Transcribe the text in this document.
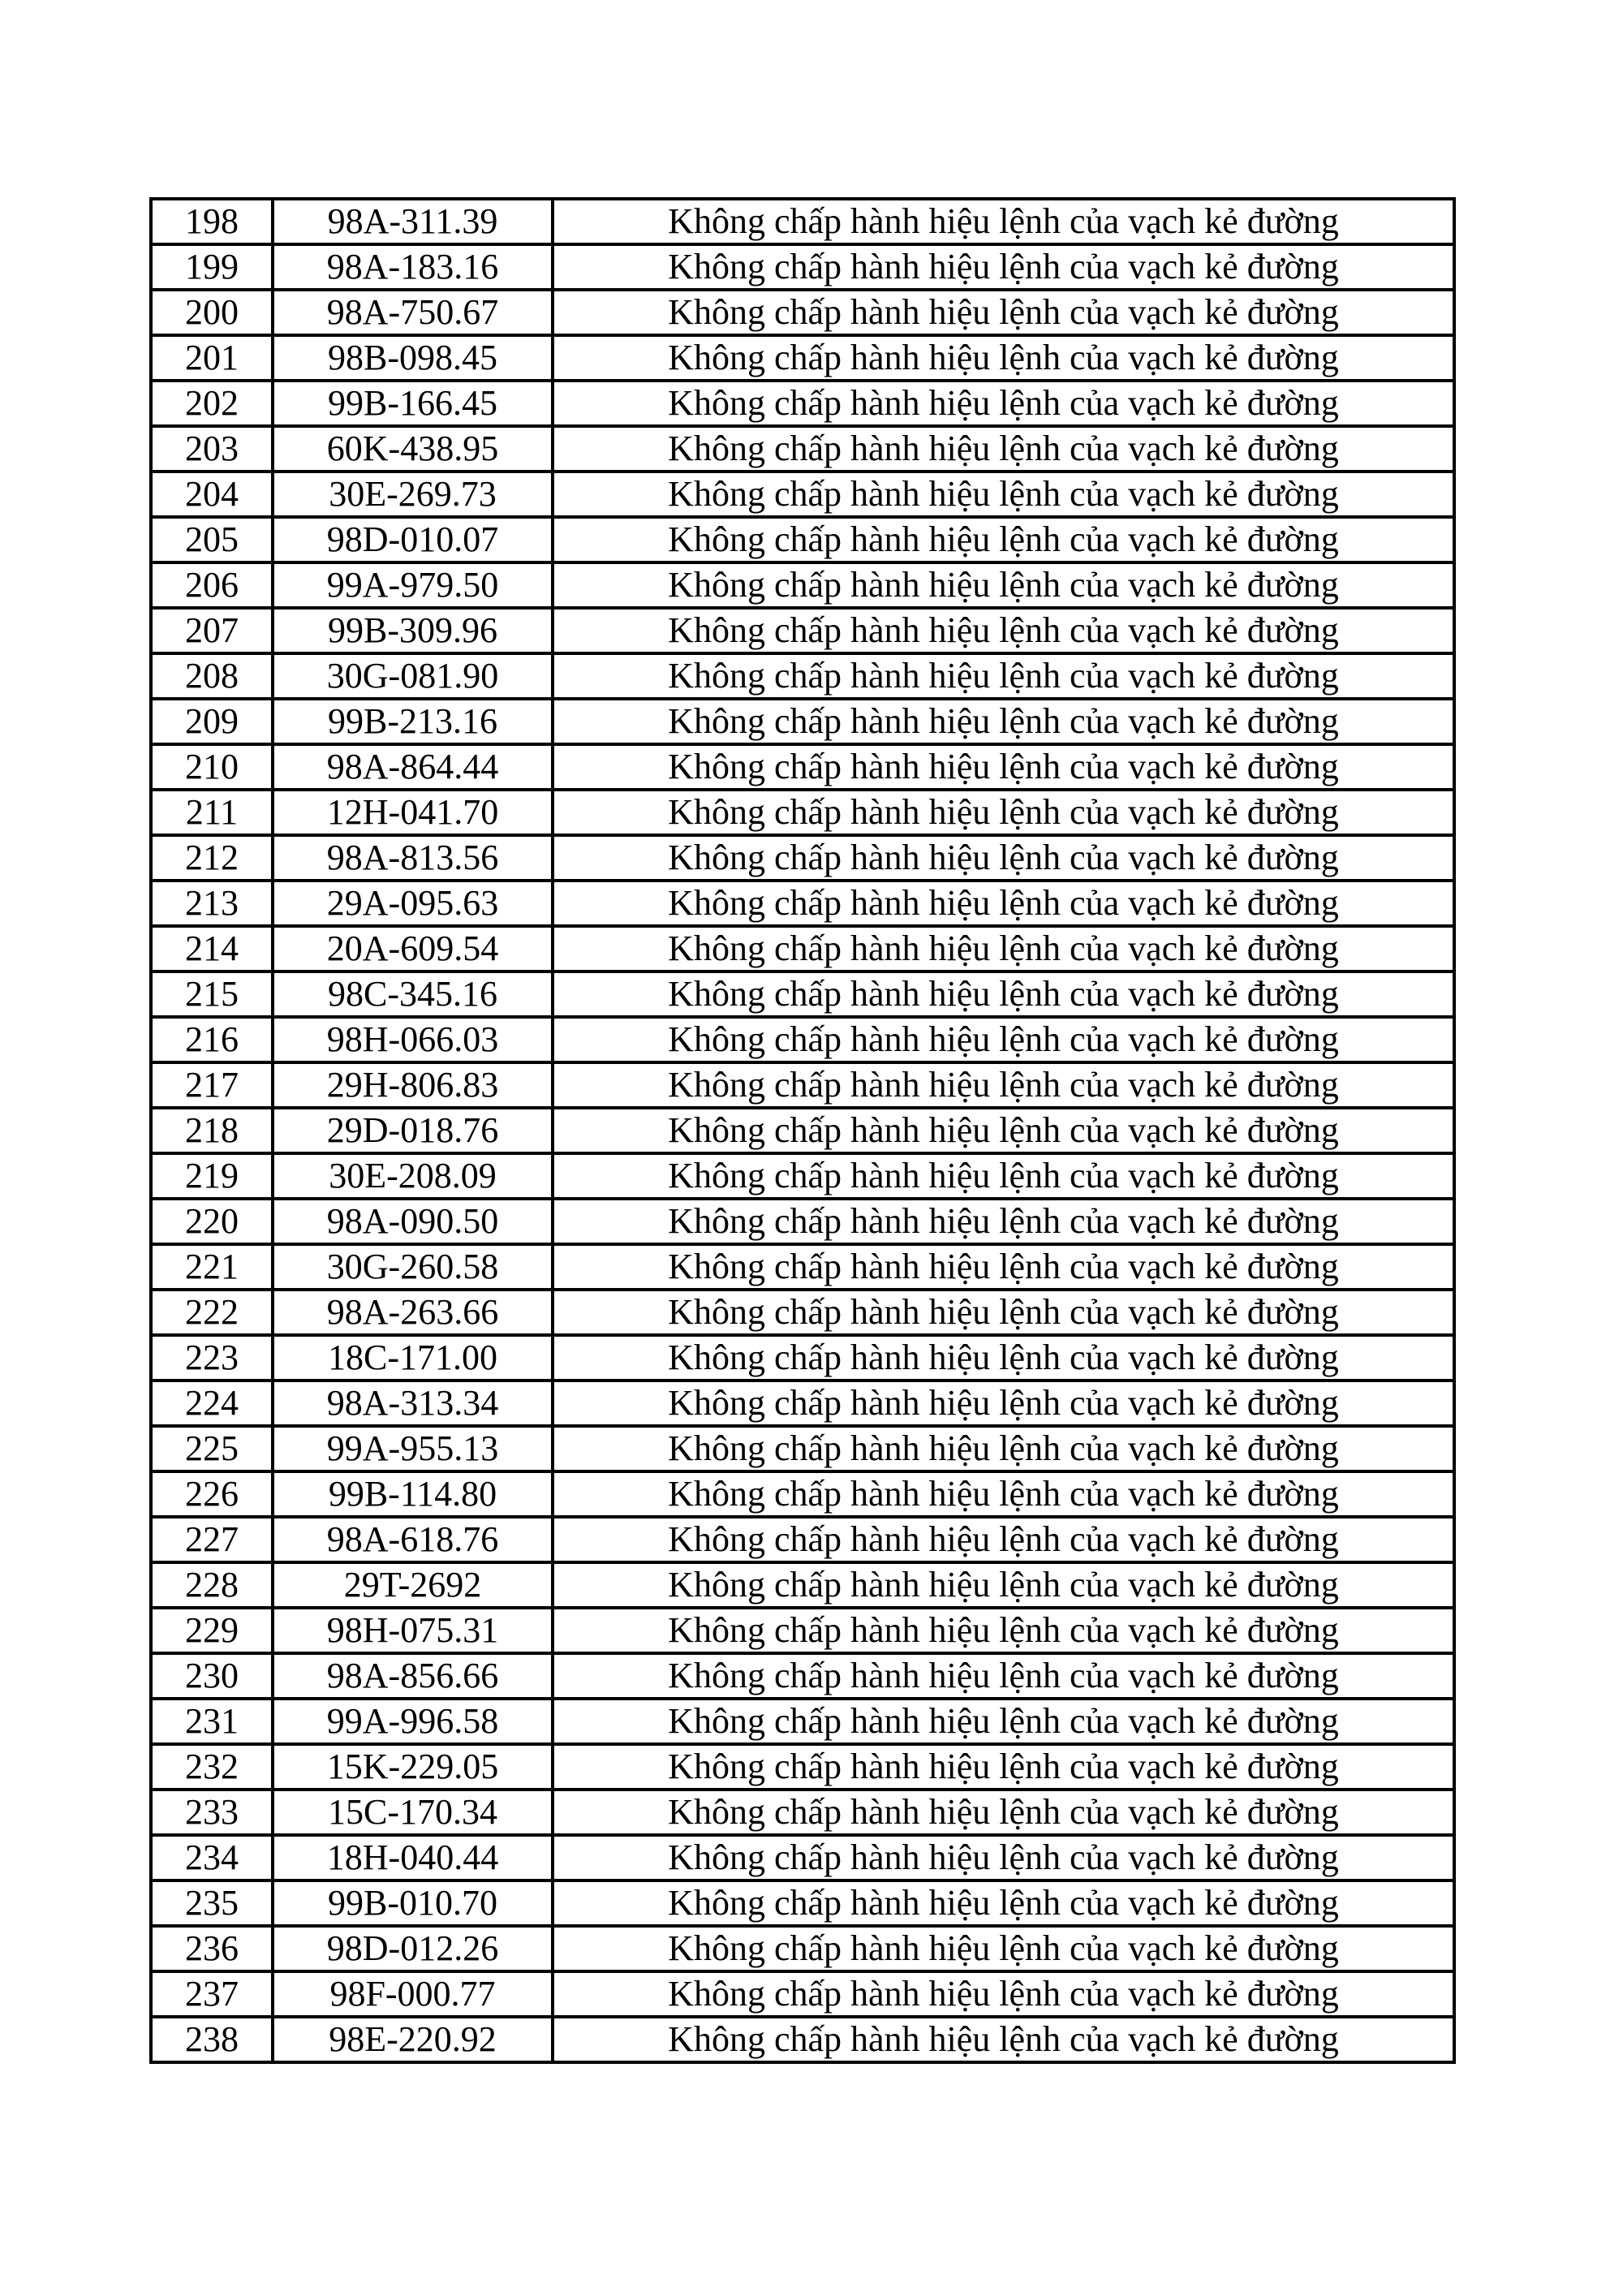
198	98A-311.39	Không chấp hành hiệu lệnh của vạch kẻ đường
199	98A-183.16	Không chấp hành hiệu lệnh của vạch kẻ đường
200	98A-750.67	Không chấp hành hiệu lệnh của vạch kẻ đường
201	98B-098.45	Không chấp hành hiệu lệnh của vạch kẻ đường
202	99B-166.45	Không chấp hành hiệu lệnh của vạch kẻ đường
203	60K-438.95	Không chấp hành hiệu lệnh của vạch kẻ đường
204	30E-269.73	Không chấp hành hiệu lệnh của vạch kẻ đường
205	98D-010.07	Không chấp hành hiệu lệnh của vạch kẻ đường
206	99A-979.50	Không chấp hành hiệu lệnh của vạch kẻ đường
207	99B-309.96	Không chấp hành hiệu lệnh của vạch kẻ đường
208	30G-081.90	Không chấp hành hiệu lệnh của vạch kẻ đường
209	99B-213.16	Không chấp hành hiệu lệnh của vạch kẻ đường
210	98A-864.44	Không chấp hành hiệu lệnh của vạch kẻ đường
211	12H-041.70	Không chấp hành hiệu lệnh của vạch kẻ đường
212	98A-813.56	Không chấp hành hiệu lệnh của vạch kẻ đường
213	29A-095.63	Không chấp hành hiệu lệnh của vạch kẻ đường
214	20A-609.54	Không chấp hành hiệu lệnh của vạch kẻ đường
215	98C-345.16	Không chấp hành hiệu lệnh của vạch kẻ đường
216	98H-066.03	Không chấp hành hiệu lệnh của vạch kẻ đường
217	29H-806.83	Không chấp hành hiệu lệnh của vạch kẻ đường
218	29D-018.76	Không chấp hành hiệu lệnh của vạch kẻ đường
219	30E-208.09	Không chấp hành hiệu lệnh của vạch kẻ đường
220	98A-090.50	Không chấp hành hiệu lệnh của vạch kẻ đường
221	30G-260.58	Không chấp hành hiệu lệnh của vạch kẻ đường
222	98A-263.66	Không chấp hành hiệu lệnh của vạch kẻ đường
223	18C-171.00	Không chấp hành hiệu lệnh của vạch kẻ đường
224	98A-313.34	Không chấp hành hiệu lệnh của vạch kẻ đường
225	99A-955.13	Không chấp hành hiệu lệnh của vạch kẻ đường
226	99B-114.80	Không chấp hành hiệu lệnh của vạch kẻ đường
227	98A-618.76	Không chấp hành hiệu lệnh của vạch kẻ đường
228	29T-2692	Không chấp hành hiệu lệnh của vạch kẻ đường
229	98H-075.31	Không chấp hành hiệu lệnh của vạch kẻ đường
230	98A-856.66	Không chấp hành hiệu lệnh của vạch kẻ đường
231	99A-996.58	Không chấp hành hiệu lệnh của vạch kẻ đường
232	15K-229.05	Không chấp hành hiệu lệnh của vạch kẻ đường
233	15C-170.34	Không chấp hành hiệu lệnh của vạch kẻ đường
234	18H-040.44	Không chấp hành hiệu lệnh của vạch kẻ đường
235	99B-010.70	Không chấp hành hiệu lệnh của vạch kẻ đường
236	98D-012.26	Không chấp hành hiệu lệnh của vạch kẻ đường
237	98F-000.77	Không chấp hành hiệu lệnh của vạch kẻ đường
238	98E-220.92	Không chấp hành hiệu lệnh của vạch kẻ đường
